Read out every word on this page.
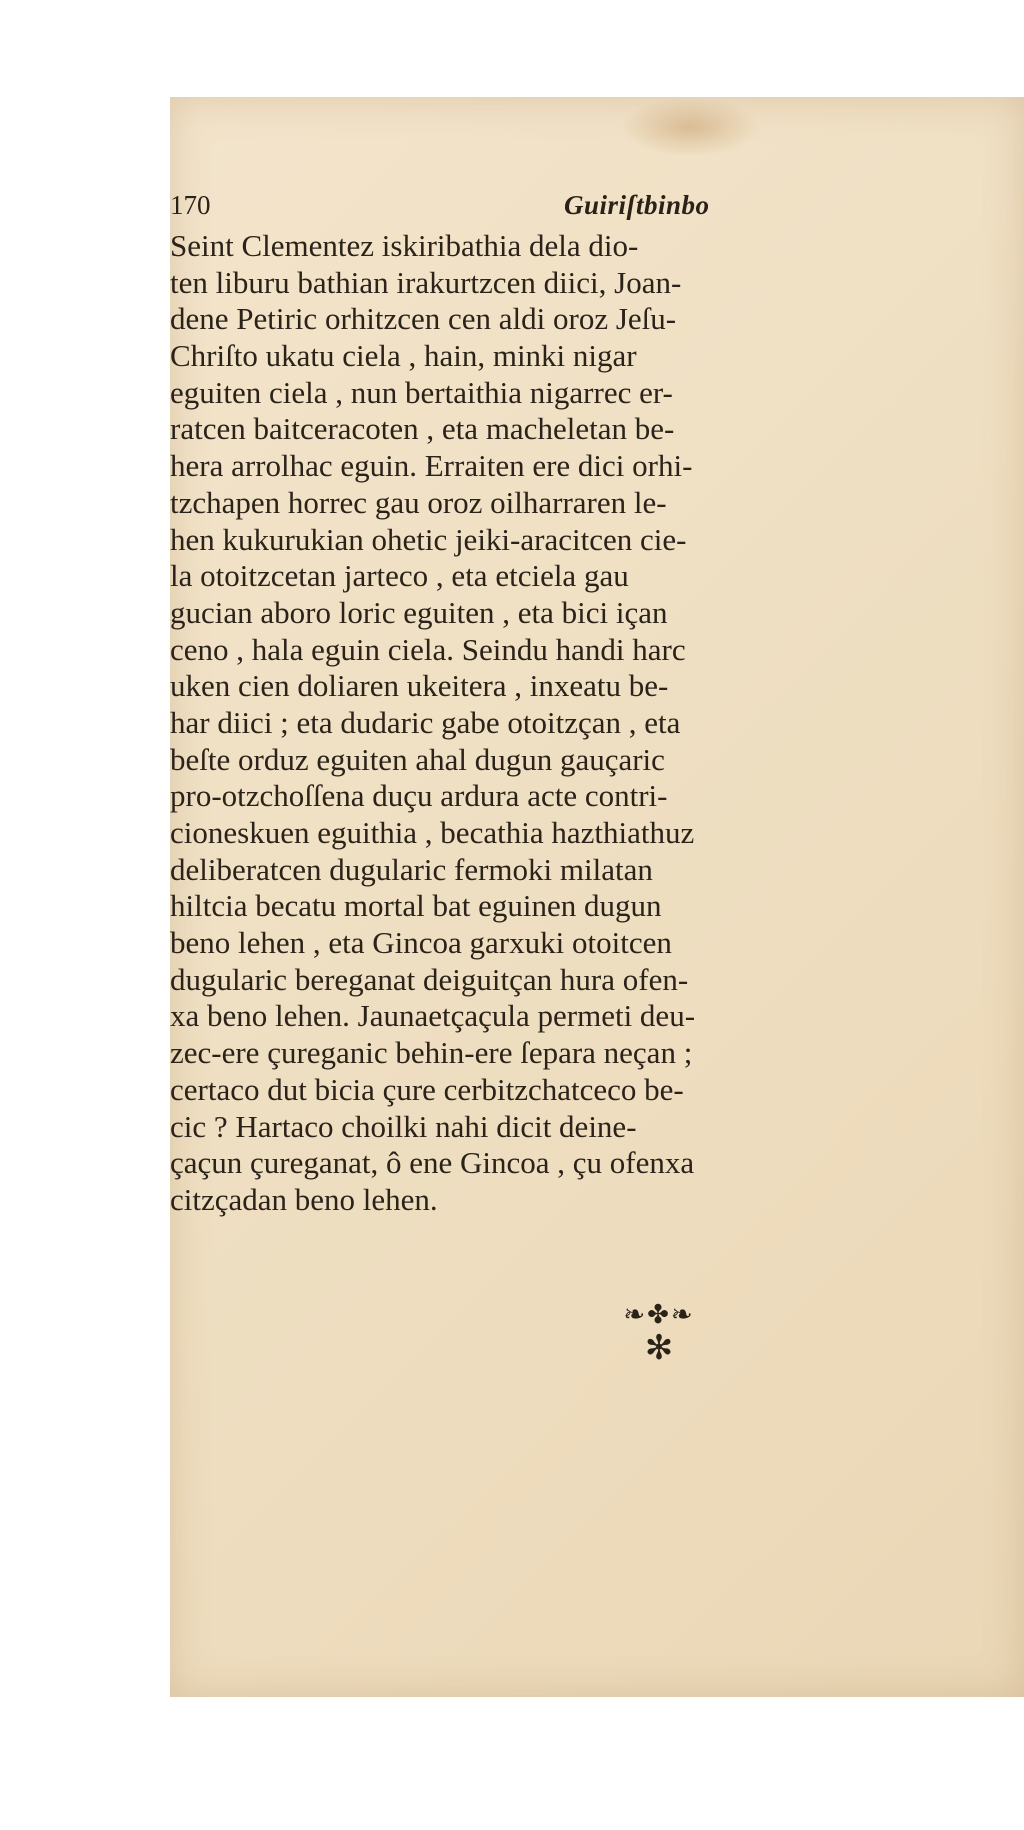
170	Guiriſtbinbo
Seint Clementez iskiribathia dela dio-
ten liburu bathian irakurtzcen diici, Joan-
dene Petiric orhitzcen cen aldi oroz Jeſu-
Chriſto ukatu ciela , hain, minki nigar
eguiten ciela , nun bertaithia nigarrec er-
ratcen baitceracoten , eta macheletan be-
hera arrolhac eguin. Erraiten ere dici orhi-
tzchapen horrec gau oroz oilharraren le-
hen kukurukian ohetic jeiki-aracitcen cie-
la otoitzcetan jarteco , eta etciela gau
gucian aboro loric eguiten , eta bici içan
ceno , hala eguin ciela. Seindu handi harc
uken cien doliaren ukeitera , inxeatu be-
har diici ; eta dudaric gabe otoitzçan , eta
beſte orduz eguiten ahal dugun gauçaric
pro-otzchoſſena duçu ardura acte contri-
cioneskuen eguithia , becathia hazthiathuz
deliberatcen dugularic fermoki milatan
hiltcia becatu mortal bat eguinen dugun
beno lehen , eta Gincoa garxuki otoitcen
dugularic bereganat deiguitçan hura ofen-
xa beno lehen. Jaunaetçaçula permeti deu-
zec-ere çureganic behin-ere ſepara neçan ;
certaco dut bicia çure cerbitzchatceco be-
cic ? Hartaco choilki nahi dicit deine-
çaçun çureganat, ô ene Gincoa , çu ofenxa
citzçadan beno lehen.
❧✤❧
✻
